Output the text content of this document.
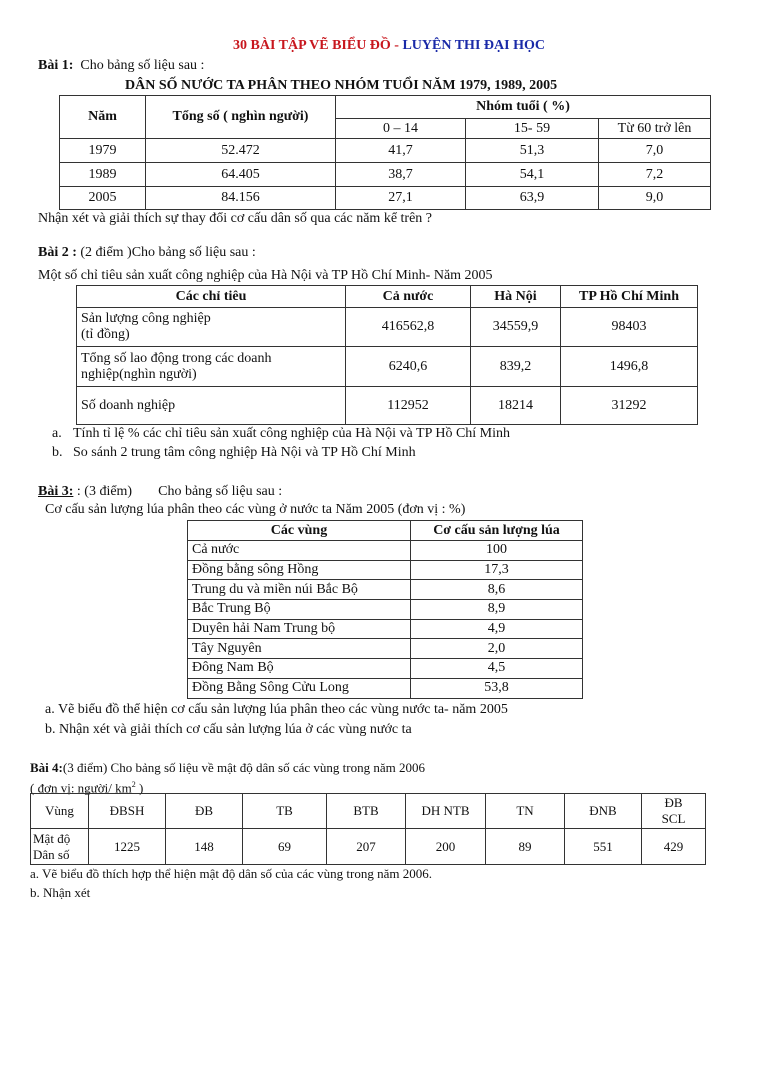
30 BÀI TẬP VẼ BIỂU ĐỒ - LUYỆN THI ĐẠI HỌC
Bài 1: Cho bảng số liệu sau :
DÂN SỐ NƯỚC TA PHÂN THEO NHÓM TUỔI NĂM 1979, 1989, 2005
Năm	Tổng số ( nghìn người)	Nhóm tuổi ( %)		
		0 – 14	15- 59	Từ 60 trở lên
1979	52.472	41,7	51,3	7,0
1989	64.405	38,7	54,1	7,2
2005	84.156	27,1	63,9	9,0
Nhận xét và giải thích sự thay đổi cơ cấu dân số qua các năm kể trên ?
Bài 2 : (2 điểm )Cho bảng số liệu sau :
Một số chỉ tiêu sản xuất công nghiệp của Hà Nội và TP Hồ Chí Minh- Năm 2005
Các chỉ tiêu	Cả nước	Hà Nội	TP Hồ Chí Minh
Sản lượng công nghiệp
(tỉ đồng)	416562,8	34559,9	98403
Tổng số lao động trong các doanh
nghiệp(nghìn người)	6240,6	839,2	1496,8
Số doanh nghiệp	112952	18214	31292
a. Tính tỉ lệ % các chỉ tiêu sản xuất công nghiệp của Hà Nội và TP Hồ Chí Minh
b. So sánh 2 trung tâm công nghiệp Hà Nội và TP Hồ Chí Minh
Bài 3: : (3 điểm) Cho bảng số liệu sau :
Cơ cấu sản lượng lúa phân theo các vùng ở nước ta Năm 2005 (đơn vị : %)
Các vùng	Cơ cấu sản lượng lúa
Cả nước	100
Đồng bằng sông Hồng	17,3
Trung du và miền núi Bắc Bộ	8,6
Bắc Trung Bộ	8,9
Duyên hải Nam Trung bộ	4,9
Tây Nguyên	2,0
Đông Nam Bộ	4,5
Đồng Bằng Sông Cửu Long	53,8
a. Vẽ biểu đồ thể hiện cơ cấu sản lượng lúa phân theo các vùng nước ta- năm 2005
b. Nhận xét và giải thích cơ cấu sản lượng lúa ở các vùng nước ta
Bài 4:(3 điểm) Cho bảng số liệu về mật độ dân số các vùng trong năm 2006
( đơn vị: người/ $km^2$ )
Vùng	ĐBSH	ĐB	TB	BTB	DH NTB	TN	ĐNB	ĐB SCL
Mật độ
Dân số	1225	148	69	207	200	89	551	429
a. Vẽ biểu đồ thích hợp thể hiện mật độ dân số của các vùng trong năm 2006.
b. Nhận xét
